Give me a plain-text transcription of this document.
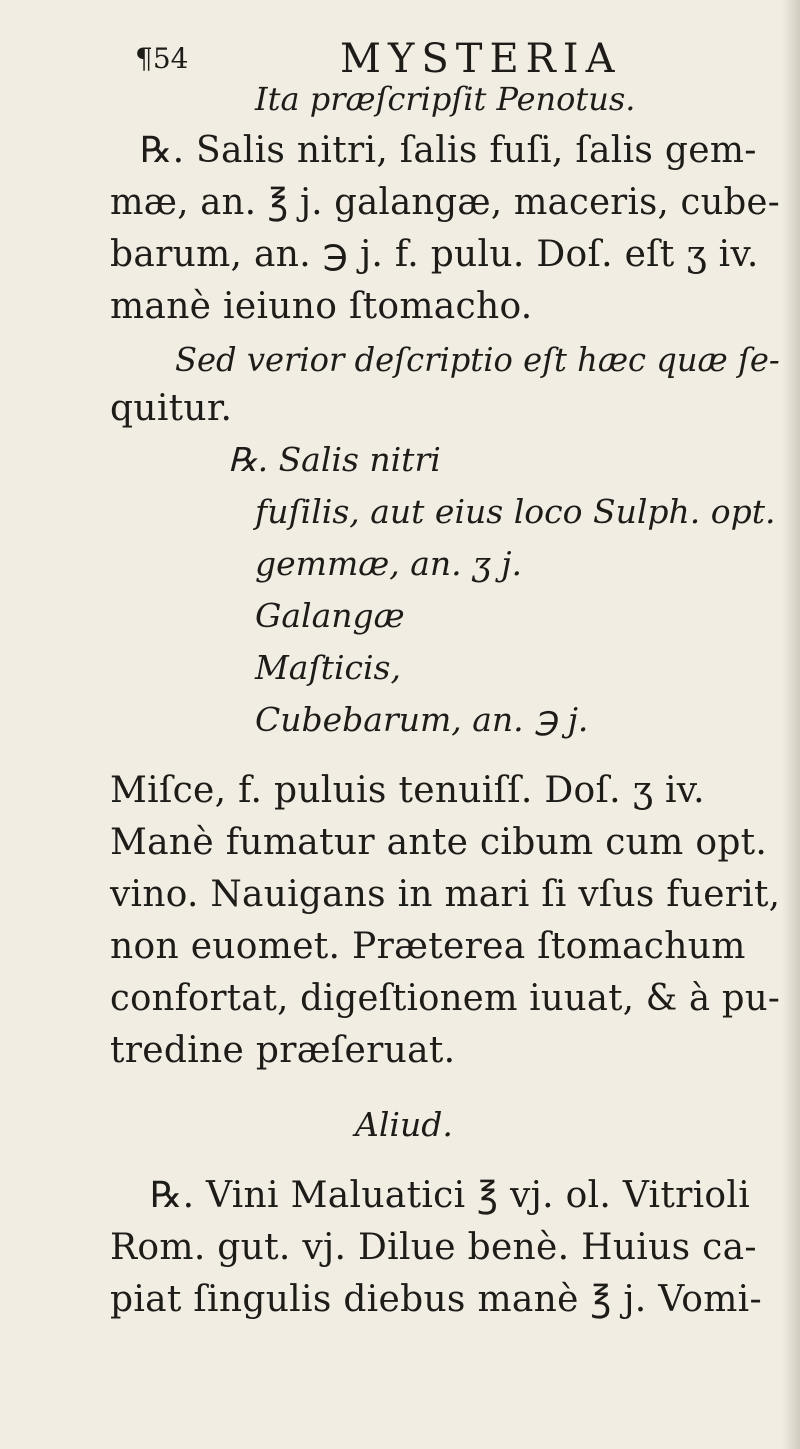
¶54	MYSTERIA
Ita præſcripſit Penotus.
℞. Salis nitri, ſalis fuſi, ſalis gem-
mæ, an. ℥ j. galangæ, maceris, cube-
barum, an. ℈ j. f. pulu. Doſ. eſt ʒ iv.
manè ieiuno ſtomacho.
Sed verior deſcriptio eſt hæc quæ ſe-
quitur.
℞. Salis nitri
fuſilis, aut eius loco Sulph. opt.
gemmæ, an. ʒ j.
Galangæ
Maſticis,
Cubebarum, an. ℈ j.
Miſce, f. puluis tenuiſſ. Doſ. ʒ iv.
Manè fumatur ante cibum cum opt.
vino. Nauigans in mari ſi vſus fuerit,
non euomet. Præterea ſtomachum
confortat, digeſtionem iuuat, & à pu-
tredine præſeruat.
Aliud.
℞. Vini Maluatici ℥ vj. ol. Vitrioli
Rom. gut. vj. Dilue benè. Huius ca-
piat ſingulis diebus manè ℥ j. Vomi-
